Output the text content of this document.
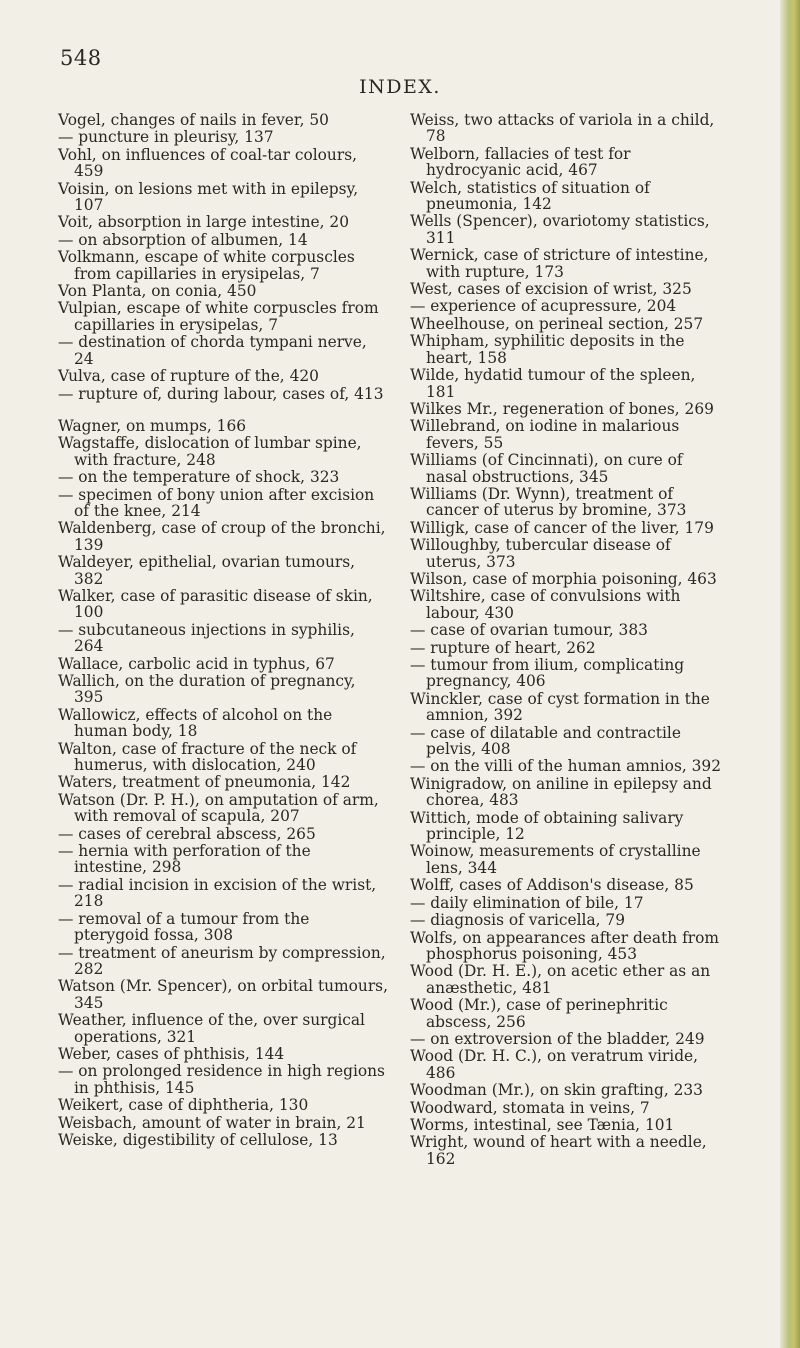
548
INDEX.

Vogel, changes of nails in fever, 50

— puncture in pleurisy, 137

Vohl, on influences of coal-tar colours, 459

Voisin, on lesions met with in epilepsy, 107

Voit, absorption in large intestine, 20

— on absorption of albumen, 14

Volkmann, escape of white corpuscles from capillaries in erysipelas, 7

Von Planta, on conia, 450

Vulpian, escape of white corpuscles from capillaries in erysipelas, 7

— destination of chorda tympani nerve, 24

Vulva, case of rupture of the, 420

— rupture of, during labour, cases of, 413

Wagner, on mumps, 166

Wagstaffe, dislocation of lumbar spine, with fracture, 248

— on the temperature of shock, 323

— specimen of bony union after excision of the knee, 214

Waldenberg, case of croup of the bronchi, 139

Waldeyer, epithelial, ovarian tumours, 382

Walker, case of parasitic disease of skin, 100

— subcutaneous injections in syphilis, 264

Wallace, carbolic acid in typhus, 67

Wallich, on the duration of pregnancy, 395

Wallowicz, effects of alcohol on the human body, 18

Walton, case of fracture of the neck of humerus, with dislocation, 240

Waters, treatment of pneumonia, 142

Watson (Dr. P. H.), on amputation of arm, with removal of scapula, 207

— cases of cerebral abscess, 265

— hernia with perforation of the intestine, 298

— radial incision in excision of the wrist, 218

— removal of a tumour from the pterygoid fossa, 308

— treatment of aneurism by compression, 282

Watson (Mr. Spencer), on orbital tumours, 345

Weather, influence of the, over surgical operations, 321

Weber, cases of phthisis, 144

— on prolonged residence in high regions in phthisis, 145

Weikert, case of diphtheria, 130

Weisbach, amount of water in brain, 21

Weiske, digestibility of cellulose, 13

Weiss, two attacks of variola in a child, 78

Welborn, fallacies of test for hydrocyanic acid, 467

Welch, statistics of situation of pneumonia, 142

Wells (Spencer), ovariotomy statistics, 311

Wernick, case of stricture of intestine, with rupture, 173

West, cases of excision of wrist, 325

— experience of acupressure, 204

Wheelhouse, on perineal section, 257

Whipham, syphilitic deposits in the heart, 158

Wilde, hydatid tumour of the spleen, 181

Wilkes Mr., regeneration of bones, 269

Willebrand, on iodine in malarious fevers, 55

Williams (of Cincinnati), on cure of nasal obstructions, 345

Williams (Dr. Wynn), treatment of cancer of uterus by bromine, 373

Willigk, case of cancer of the liver, 179

Willoughby, tubercular disease of uterus, 373

Wilson, case of morphia poisoning, 463

Wiltshire, case of convulsions with labour, 430

— case of ovarian tumour, 383

— rupture of heart, 262

— tumour from ilium, complicating pregnancy, 406

Winckler, case of cyst formation in the amnion, 392

— case of dilatable and contractile pelvis, 408

— on the villi of the human amnios, 392

Winigradow, on aniline in epilepsy and chorea, 483

Wittich, mode of obtaining salivary principle, 12

Woinow, measurements of crystalline lens, 344

Wolff, cases of Addison's disease, 85

— daily elimination of bile, 17

— diagnosis of varicella, 79

Wolfs, on appearances after death from phosphorus poisoning, 453

Wood (Dr. H. E.), on acetic ether as an anæsthetic, 481

Wood (Mr.), case of perinephritic abscess, 256

— on extroversion of the bladder, 249

Wood (Dr. H. C.), on veratrum viride, 486

Woodman (Mr.), on skin grafting, 233

Woodward, stomata in veins, 7

Worms, intestinal, see Tænia, 101

Wright, wound of heart with a needle, 162
